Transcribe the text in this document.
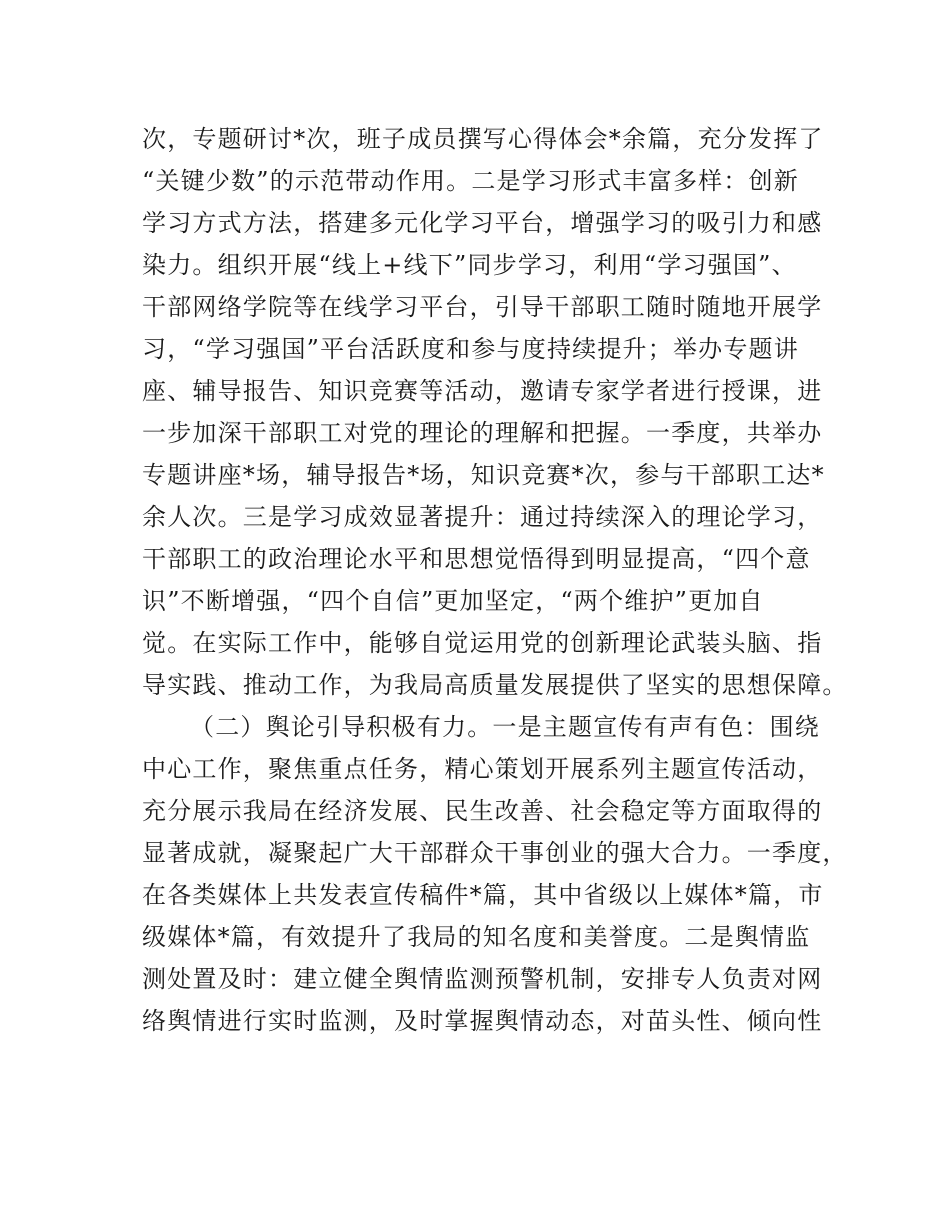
次，专题研讨*次，班子成员撰写心得体会*余篇，充分发挥了
“关键少数”的示范带动作用。二是学习形式丰富多样：创新
学习方式方法，搭建多元化学习平台，增强学习的吸引力和感
染力。组织开展“线上+线下”同步学习，利用“学习强国”、
干部网络学院等在线学习平台，引导干部职工随时随地开展学
习，“学习强国”平台活跃度和参与度持续提升；举办专题讲
座、辅导报告、知识竞赛等活动，邀请专家学者进行授课，进
一步加深干部职工对党的理论的理解和把握。一季度，共举办
专题讲座*场，辅导报告*场，知识竞赛*次，参与干部职工达*
余人次。三是学习成效显著提升：通过持续深入的理论学习，
干部职工的政治理论水平和思想觉悟得到明显提高，“四个意
识”不断增强，“四个自信”更加坚定，“两个维护”更加自
觉。在实际工作中，能够自觉运用党的创新理论武装头脑、指
导实践、推动工作，为我局高质量发展提供了坚实的思想保障。
（二）舆论引导积极有力。一是主题宣传有声有色：围绕
中心工作，聚焦重点任务，精心策划开展系列主题宣传活动，
充分展示我局在经济发展、民生改善、社会稳定等方面取得的
显著成就，凝聚起广大干部群众干事创业的强大合力。一季度，
在各类媒体上共发表宣传稿件*篇，其中省级以上媒体*篇，市
级媒体*篇，有效提升了我局的知名度和美誉度。二是舆情监
测处置及时：建立健全舆情监测预警机制，安排专人负责对网
络舆情进行实时监测，及时掌握舆情动态，对苗头性、倾向性
